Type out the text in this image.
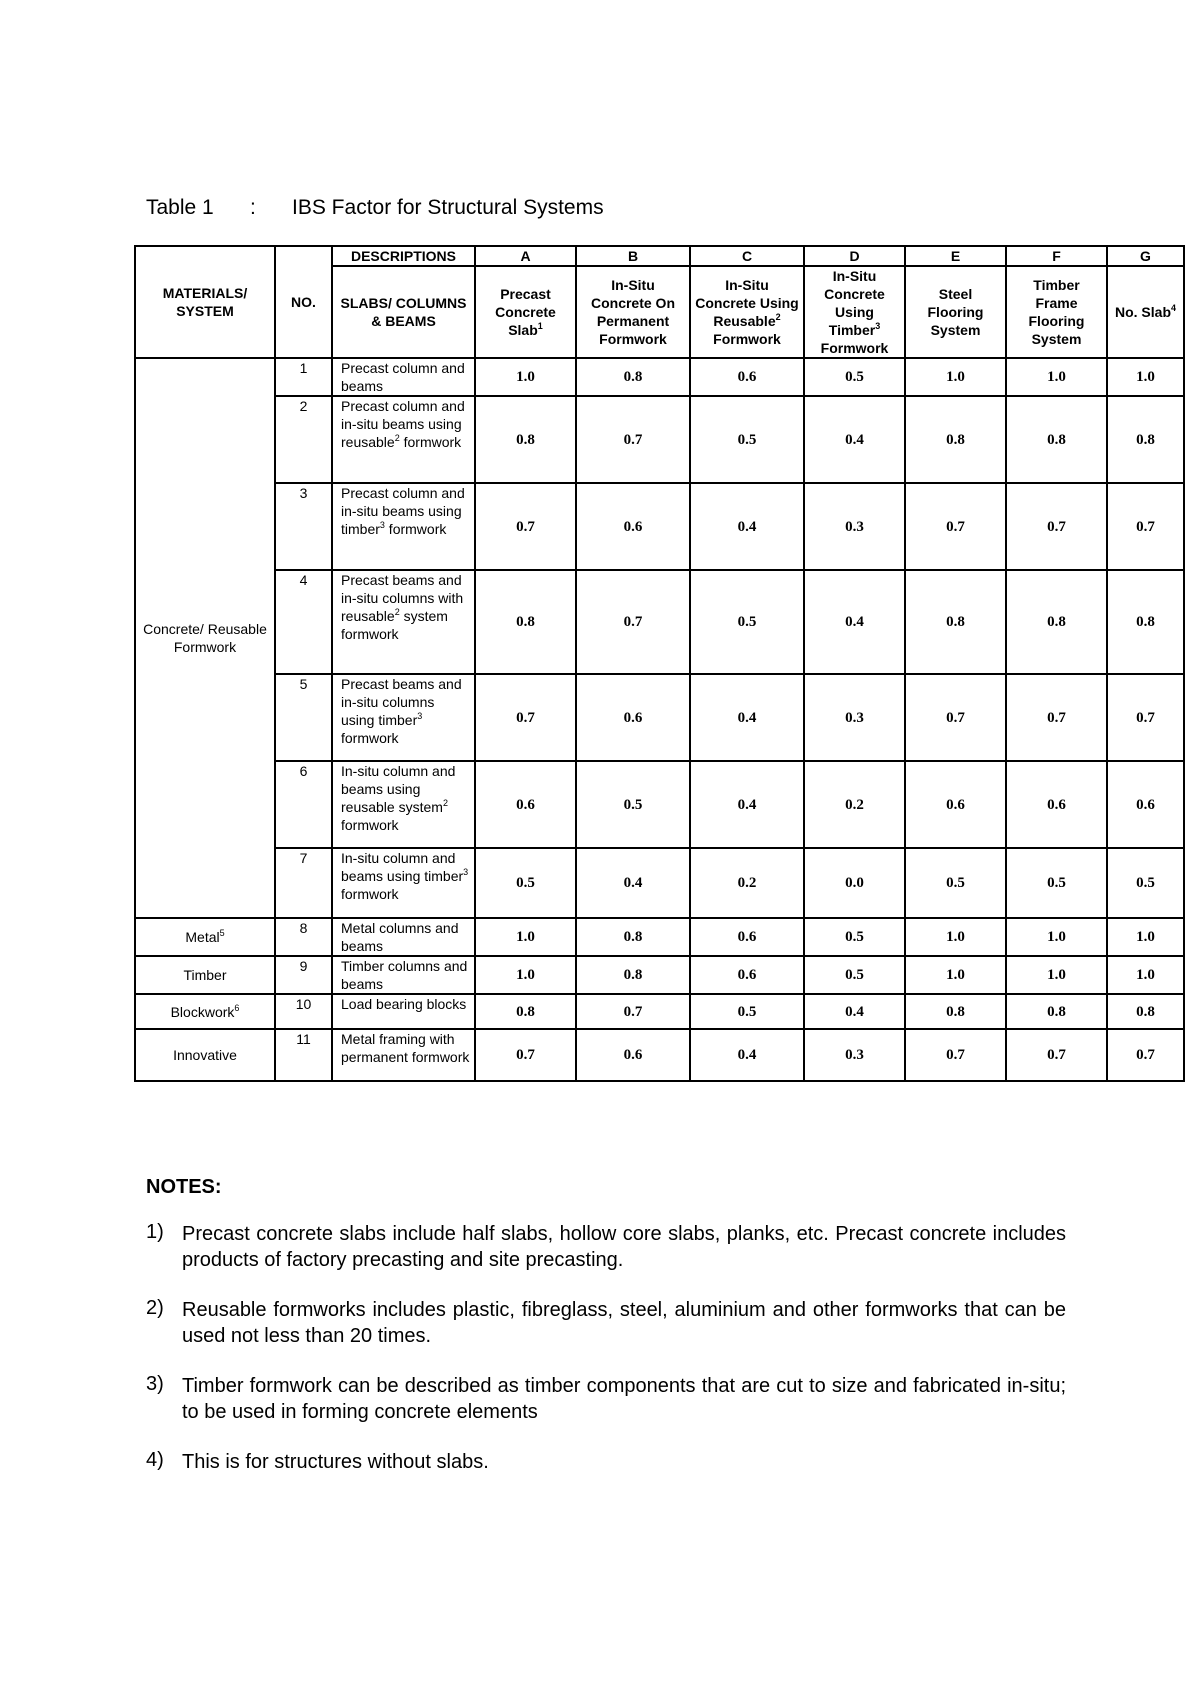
Table 1 : IBS Factor for Structural Systems
MATERIALS/ SYSTEM	NO.	DESCRIPTIONS	A	B	C	D	E	F	G
		SLABS/ COLUMNS & BEAMS	Precast Concrete Slab$^1$	In-Situ Concrete On Permanent Formwork	In-Situ Concrete Using Reusable$^2$ Formwork	In-Situ Concrete Using Timber$^3$ Formwork	Steel Flooring System	Timber Frame Flooring System	No. Slab$^4$
Concrete/ Reusable Formwork	1	Precast column and beams	1.0	0.8	0.6	0.5	1.0	1.0	1.0
	2	Precast column and in-situ beams using reusable$^2$ formwork	0.8	0.7	0.5	0.4	0.8	0.8	0.8
	3	Precast column and in-situ beams using timber$^3$ formwork	0.7	0.6	0.4	0.3	0.7	0.7	0.7
	4	Precast beams and in-situ columns with reusable$^2$ system formwork	0.8	0.7	0.5	0.4	0.8	0.8	0.8
	5	Precast beams and in-situ columns using timber$^3$ formwork	0.7	0.6	0.4	0.3	0.7	0.7	0.7
	6	In-situ column and beams using reusable system$^2$ formwork	0.6	0.5	0.4	0.2	0.6	0.6	0.6
	7	In-situ column and beams using timber$^3$ formwork	0.5	0.4	0.2	0.0	0.5	0.5	0.5
Metal$^5$	8	Metal columns and beams	1.0	0.8	0.6	0.5	1.0	1.0	1.0
Timber	9	Timber columns and beams	1.0	0.8	0.6	0.5	1.0	1.0	1.0
Blockwork$^6$	10	Load bearing blocks	0.8	0.7	0.5	0.4	0.8	0.8	0.8
Innovative	11	Metal framing with permanent formwork	0.7	0.6	0.4	0.3	0.7	0.7	0.7
NOTES:
1) Precast concrete slabs include half slabs, hollow core slabs, planks, etc. Precast concrete includes products of factory precasting and site precasting.
2) Reusable formworks includes plastic, fibreglass, steel, aluminium and other formworks that can be used not less than 20 times.
3) Timber formwork can be described as timber components that are cut to size and fabricated in-situ; to be used in forming concrete elements
4) This is for structures without slabs.
